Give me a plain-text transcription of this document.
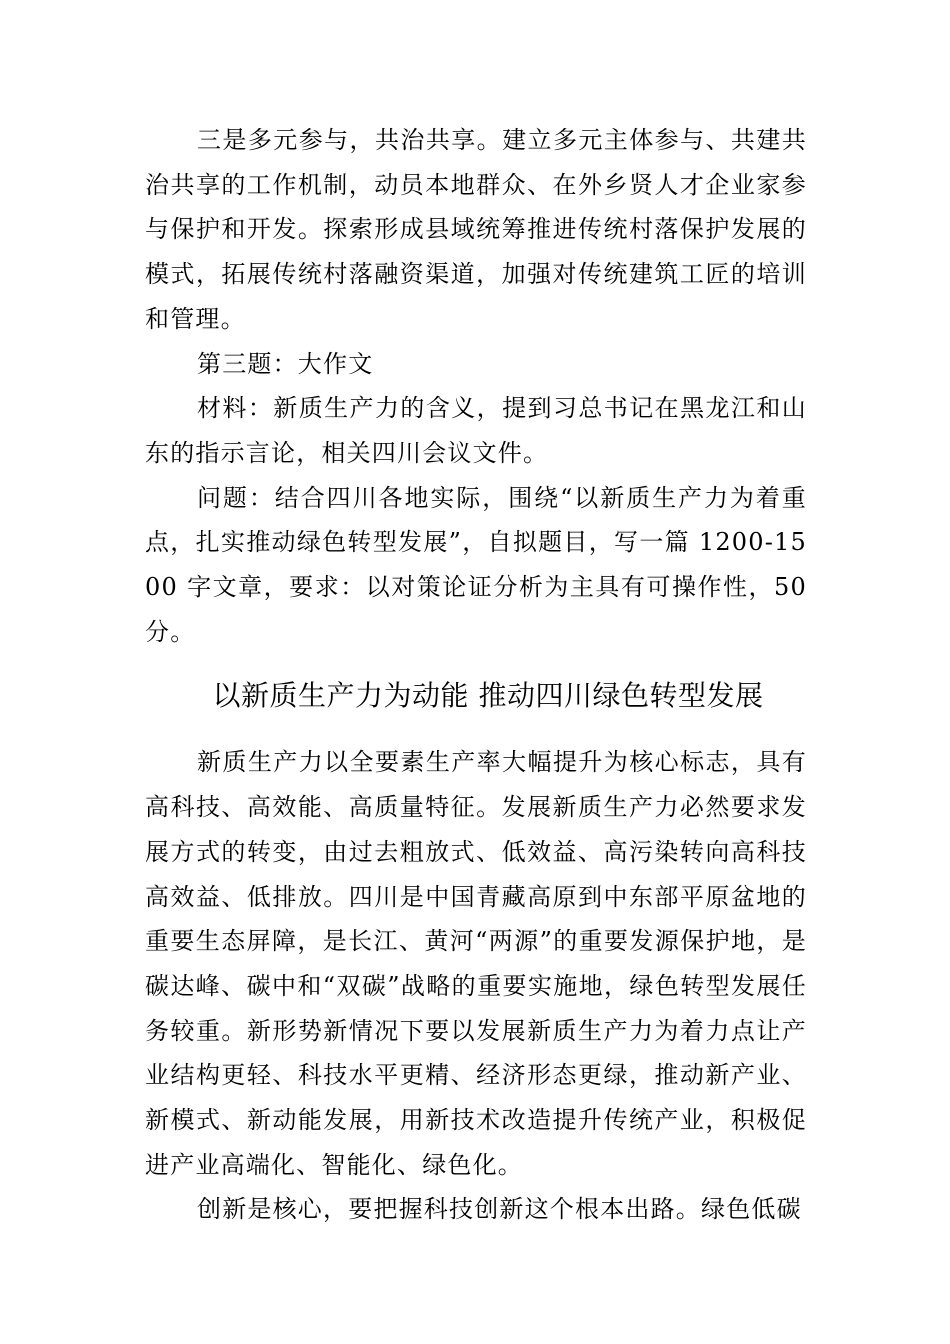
三是多元参与，共治共享。建立多元主体参与、共建共治共享的工作机制，动员本地群众、在外乡贤人才企业家参与保护和开发。探索形成县域统筹推进传统村落保护发展的模式，拓展传统村落融资渠道，加强对传统建筑工匠的培训和管理。

第三题：大作文

材料：新质生产力的含义，提到习总书记在黑龙江和山东的指示言论，相关四川会议文件。

问题：结合四川各地实际，围绕“以新质生产力为着重点，扎实推动绿色转型发展”，自拟题目，写一篇 1200-1500 字文章，要求：以对策论证分析为主具有可操作性，50 分。

以新质生产力为动能 推动四川绿色转型发展

新质生产力以全要素生产率大幅提升为核心标志，具有高科技、高效能、高质量特征。发展新质生产力必然要求发展方式的转变，由过去粗放式、低效益、高污染转向高科技高效益、低排放。四川是中国青藏高原到中东部平原盆地的重要生态屏障，是长江、黄河“两源”的重要发源保护地，是碳达峰、碳中和“双碳”战略的重要实施地，绿色转型发展任务较重。新形势新情况下要以发展新质生产力为着力点让产业结构更轻、科技水平更精、经济形态更绿，推动新产业、新模式、新动能发展，用新技术改造提升传统产业，积极促进产业高端化、智能化、绿色化。

创新是核心，要把握科技创新这个根本出路。绿色低碳
